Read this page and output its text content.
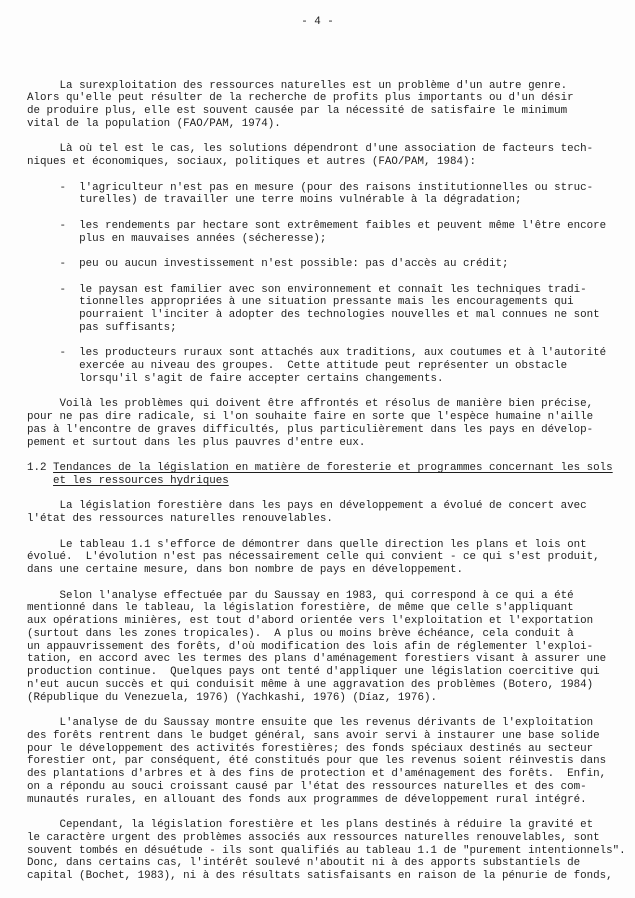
- 4 -
La surexploitation des ressources naturelles est un problème d'un autre genre.
Alors qu'elle peut résulter de la recherche de profits plus importants ou d'un désir
de produire plus, elle est souvent causée par la nécessité de satisfaire le minimum
vital de la population (FAO/PAM, 1974).
Là où tel est le cas, les solutions dépendront d'une association de facteurs tech-
niques et économiques, sociaux, politiques et autres (FAO/PAM, 1984):
- l'agriculteur n'est pas en mesure (pour des raisons institutionnelles ou struc-
turelles) de travailler une terre moins vulnérable à la dégradation;
- les rendements par hectare sont extrêmement faibles et peuvent même l'être encore
plus en mauvaises années (sécheresse);
- peu ou aucun investissement n'est possible: pas d'accès au crédit;
- le paysan est familier avec son environnement et connaît les techniques tradi-
tionnelles appropriées à une situation pressante mais les encouragements qui
pourraient l'inciter à adopter des technologies nouvelles et mal connues ne sont
pas suffisants;
- les producteurs ruraux sont attachés aux traditions, aux coutumes et à l'autorité
exercée au niveau des groupes.  Cette attitude peut représenter un obstacle
lorsqu'il s'agit de faire accepter certains changements.
Voilà les problèmes qui doivent être affrontés et résolus de manière bien précise,
pour ne pas dire radicale, si l'on souhaite faire en sorte que l'espèce humaine n'aille
pas à l'encontre de graves difficultés, plus particulièrement dans les pays en dévelop-
pement et surtout dans les plus pauvres d'entre eux.
1.2 Tendances de la législation en matière de foresterie et programmes concernant les sols
et les ressources hydriques
La législation forestière dans les pays en développement a évolué de concert avec
l'état des ressources naturelles renouvelables.
Le tableau 1.1 s'efforce de démontrer dans quelle direction les plans et lois ont
évolué.  L'évolution n'est pas nécessairement celle qui convient - ce qui s'est produit,
dans une certaine mesure, dans bon nombre de pays en développement.
Selon l'analyse effectuée par du Saussay en 1983, qui correspond à ce qui a été
mentionné dans le tableau, la législation forestière, de même que celle s'appliquant
aux opérations minières, est tout d'abord orientée vers l'exploitation et l'exportation
(surtout dans les zones tropicales).  A plus ou moins brève échéance, cela conduit à
un appauvrissement des forêts, d'où modification des lois afin de réglementer l'exploi-
tation, en accord avec les termes des plans d'aménagement forestiers visant à assurer une
production continue.  Quelques pays ont tenté d'appliquer une législation coercitive qui
n'eut aucun succès et qui conduisit même à une aggravation des problèmes (Botero, 1984)
(République du Venezuela, 1976) (Yachkashi, 1976) (Díaz, 1976).
L'analyse de du Saussay montre ensuite que les revenus dérivants de l'exploitation
des forêts rentrent dans le budget général, sans avoir servi à instaurer une base solide
pour le développement des activités forestières; des fonds spéciaux destinés au secteur
forestier ont, par conséquent, été constitués pour que les revenus soient réinvestis dans
des plantations d'arbres et à des fins de protection et d'aménagement des forêts.  Enfin,
on a répondu au souci croissant causé par l'état des ressources naturelles et des com-
munautés rurales, en allouant des fonds aux programmes de développement rural intégré.
Cependant, la législation forestière et les plans destinés à réduire la gravité et
le caractère urgent des problèmes associés aux ressources naturelles renouvelables, sont
souvent tombés en désuétude - ils sont qualifiés au tableau 1.1 de "purement intentionnels".
Donc, dans certains cas, l'intérêt soulevé n'aboutit ni à des apports substantiels de
capital (Bochet, 1983), ni à des résultats satisfaisants en raison de la pénurie de fonds,
